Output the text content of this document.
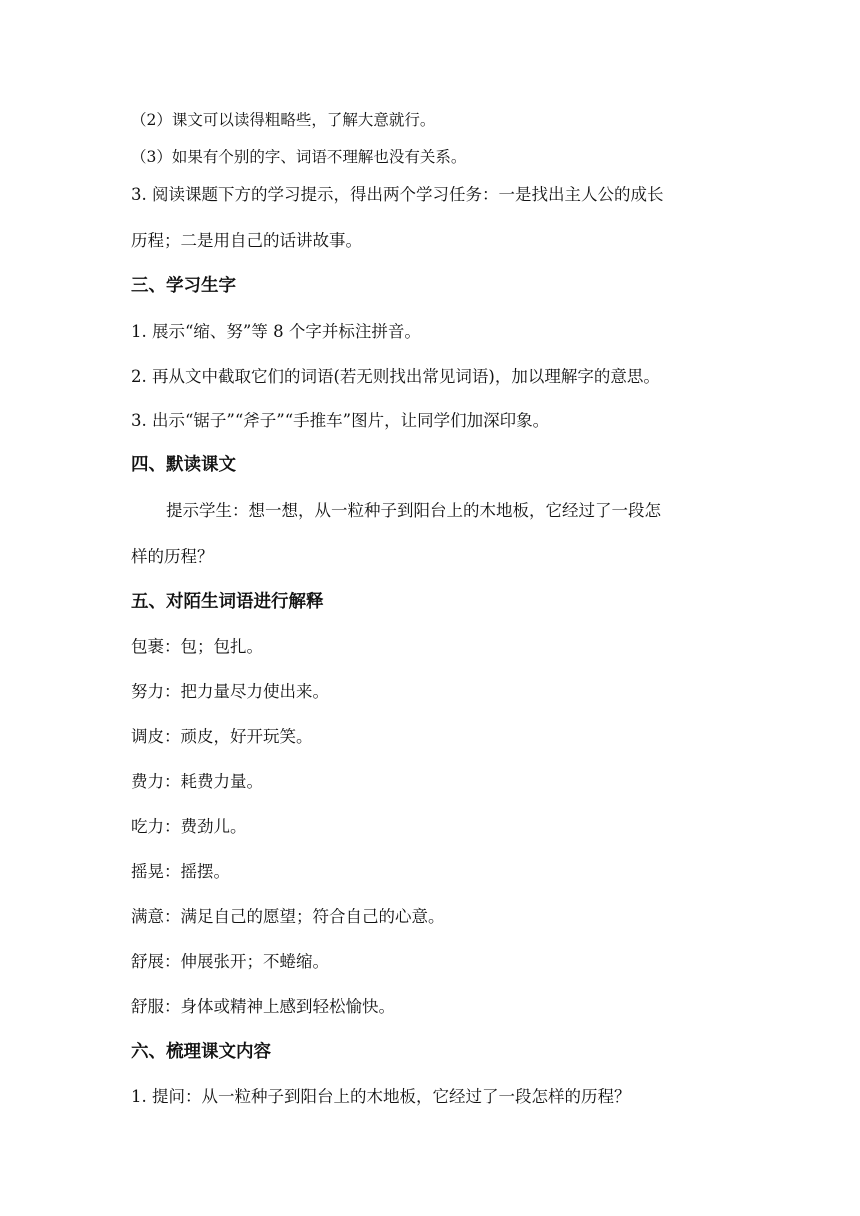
（2）课文可以读得粗略些，了解大意就行。
（3）如果有个别的字、词语不理解也没有关系。
3. 阅读课题下方的学习提示，得出两个学习任务：一是找出主人公的成长
历程；二是用自己的话讲故事。
三、学习生字
1. 展示“缩、努”等 8 个字并标注拼音。
2. 再从文中截取它们的词语(若无则找出常见词语)，加以理解字的意思。
3. 出示“锯子”“斧子”“手推车”图片，让同学们加深印象。
四、默读课文
提示学生：想一想，从一粒种子到阳台上的木地板，它经过了一段怎
样的历程？
五、对陌生词语进行解释
包裹：包；包扎。
努力：把力量尽力使出来。
调皮：顽皮，好开玩笑。
费力：耗费力量。
吃力：费劲儿。
摇晃：摇摆。
满意：满足自己的愿望；符合自己的心意。
舒展：伸展张开；不蜷缩。
舒服：身体或精神上感到轻松愉快。
六、梳理课文内容
1. 提问：从一粒种子到阳台上的木地板，它经过了一段怎样的历程？
